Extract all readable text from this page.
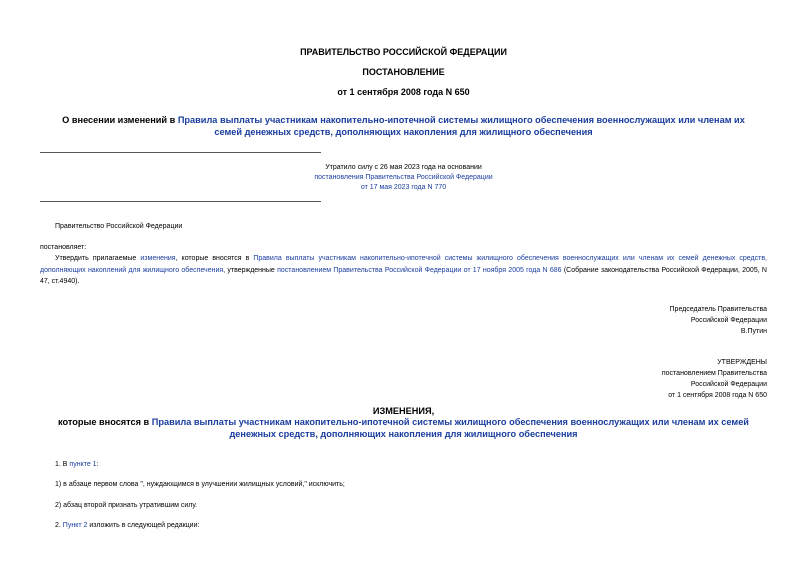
ПРАВИТЕЛЬСТВО РОССИЙСКОЙ ФЕДЕРАЦИИ
ПОСТАНОВЛЕНИЕ
от 1 сентября 2008 года N 650
О внесении изменений в Правила выплаты участникам накопительно-ипотечной системы жилищного обеспечения военнослужащих или членам их семей денежных средств, дополняющих накопления для жилищного обеспечения
Утратило силу с 26 мая 2023 года на основании
постановления Правительства Российской Федерации
от 17 мая 2023 года N 770
Правительство Российской Федерации
постановляет:
Утвердить прилагаемые изменения, которые вносятся в Правила выплаты участникам накопительно-ипотечной системы жилищного обеспечения военнослужащих или членам их семей денежных средств, дополняющих накоплений для жилищного обеспечения, утвержденные постановлением Правительства Российской Федерации от 17 ноября 2005 года N 686 (Собрание законодательства Российской Федерации, 2005, N 47, ст.4940).
Председатель Правительства
Российской Федерации
В.Путин
УТВЕРЖДЕНЫ
постановлением Правительства
Российской Федерации
от 1 сентября 2008 года N 650
ИЗМЕНЕНИЯ,
которые вносятся в Правила выплаты участникам накопительно-ипотечной системы жилищного обеспечения военнослужащих или членам их семей денежных средств, дополняющих накопления для жилищного обеспечения
1. В пункте 1:
1) в абзаце первом слова ", нуждающимся в улучшении жилищных условий," исключить;
2) абзац второй признать утратившим силу.
2. Пункт 2 изложить в следующей редакции:
